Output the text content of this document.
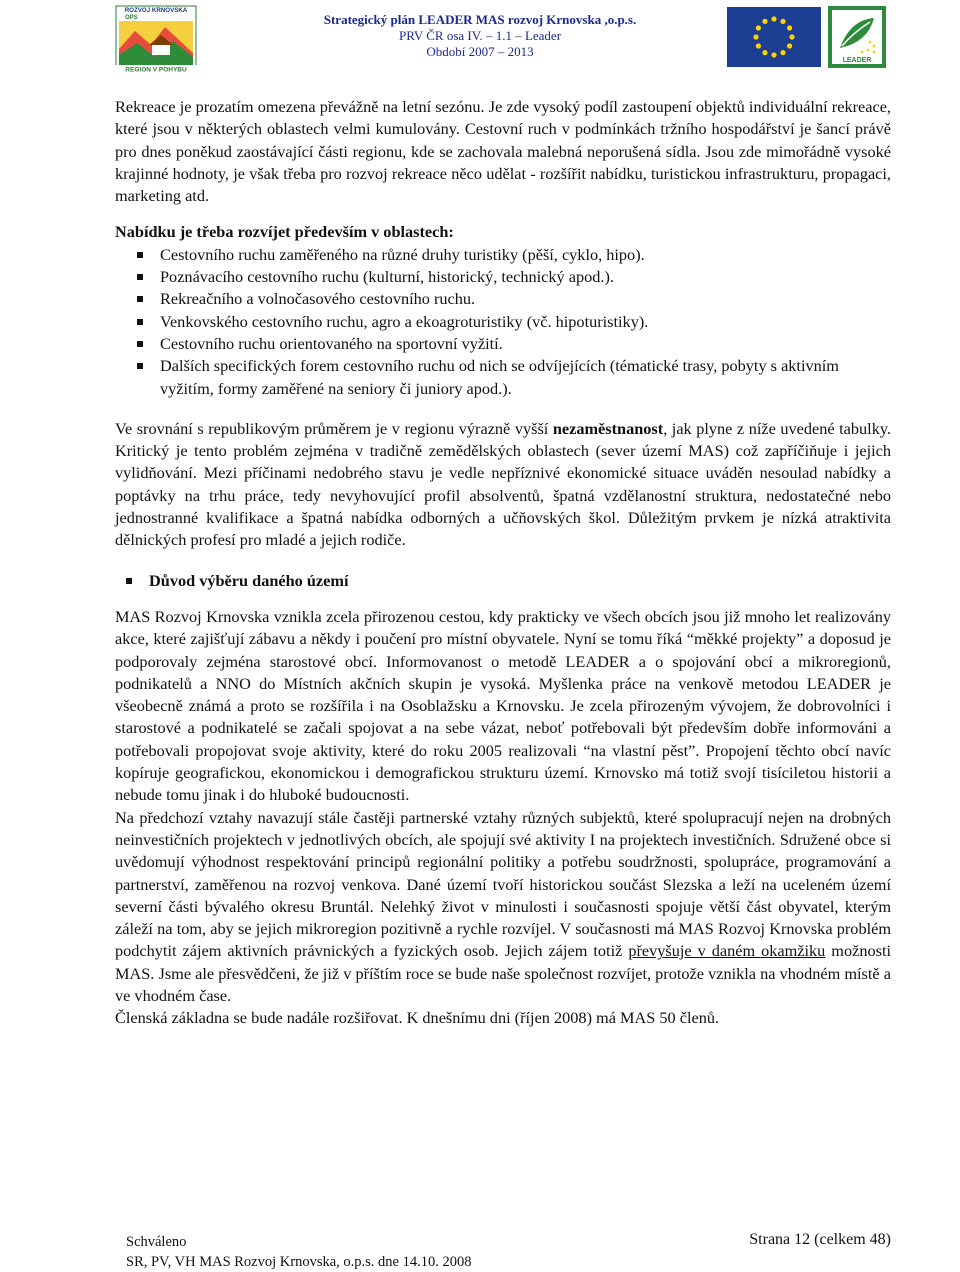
ROZVOJ KRNOVSKA
OPS
REGION V POHYBU
Strategický plán LEADER MAS rozvoj Krnovska ,o.p.s.
PRV ČR osa IV. – 1.1 – Leader
Období 2007 – 2013
LEADER

Rekreace je prozatím omezena převážně na letní sezónu. Je zde vysoký podíl zastoupení objektů individuální rekreace, které jsou v některých oblastech velmi kumulovány. Cestovní ruch v podmínkách tržního hospodářství je šancí právě pro dnes poněkud zaostávající části regionu, kde se zachovala malebná neporušená sídla. Jsou zde mimořádně vysoké krajinné hodnoty, je však třeba pro rozvoj rekreace něco udělat - rozšířit nabídku, turistickou infrastrukturu, propagaci, marketing atd.

Nabídku je třeba rozvíjet především v oblastech:

Cestovního ruchu zaměřeného na různé druhy turistiky (pěší, cyklo, hipo).
Poznávacího cestovního ruchu (kulturní, historický, technický apod.).
Rekreačního a volnočasového cestovního ruchu.
Venkovského cestovního ruchu, agro a ekoagroturistiky (vč. hipoturistiky).
Cestovního ruchu orientovaného na sportovní vyžití.
Dalších specifických forem cestovního ruchu od nich se odvíjejících (tématické trasy, pobyty s aktivním vyžitím, formy zaměřené na seniory či juniory apod.).

Ve srovnání s republikovým průměrem je v regionu výrazně vyšší nezaměstnanost, jak plyne z níže uvedené tabulky. Kritický je tento problém zejména v tradičně zemědělských oblastech (sever území MAS) což zapříčiňuje i jejich vylidňování. Mezi příčinami nedobrého stavu je vedle nepříznivé ekonomické situace uváděn nesoulad nabídky a poptávky na trhu práce, tedy nevyhovující profil absolventů, špatná vzdělanostní struktura, nedostatečné nebo jednostranné kvalifikace a špatná nabídka odborných a učňovských škol. Důležitým prvkem je nízká atraktivita dělnických profesí pro mladé a jejich rodiče.

Důvod výběru daného území

MAS Rozvoj Krnovska vznikla zcela přirozenou cestou, kdy prakticky ve všech obcích jsou již mnoho let realizovány akce, které zajišťují zábavu a někdy i poučení pro místní obyvatele. Nyní se tomu říká “měkké projekty” a doposud je podporovaly zejména starostové obcí. Informovanost o metodě LEADER a o spojování obcí a mikroregionů, podnikatelů a NNO do Místních akčních skupin je vysoká. Myšlenka práce na venkově metodou LEADER je všeobecně známá a proto se rozšířila i na Osoblažsku a Krnovsku. Je zcela přirozeným vývojem, že dobrovolníci i starostové a podnikatelé se začali spojovat a na sebe vázat, neboť potřebovali být především dobře informováni a potřebovali propojovat svoje aktivity, které do roku 2005 realizovali “na vlastní pěst”. Propojení těchto obcí navíc kopíruje geografickou, ekonomickou i demografickou strukturu území. Krnovsko má totiž svojí tisíciletou historii a nebude tomu jinak i do hluboké budoucnosti.

Na předchozí vztahy navazují stále častěji partnerské vztahy různých subjektů, které spolupracují nejen na drobných neinvestičních projektech v jednotlivých obcích, ale spojují své aktivity I na projektech investičních. Sdružené obce si uvědomují výhodnost respektování principů regionální politiky a potřebu soudržnosti, spolupráce, programování a partnerství, zaměřenou na rozvoj venkova. Dané území tvoří historickou součást Slezska a leží na uceleném území severní části bývalého okresu Bruntál. Nelehký život v minulosti i současnosti spojuje větší část obyvatel, kterým záleží na tom, aby se jejich mikroregion pozitivně a rychle rozvíjel. V současnosti má MAS Rozvoj Krnovska problém podchytit zájem aktivních právnických a fyzických osob. Jejich zájem totiž převyšuje v daném okamžiku možnosti MAS. Jsme ale přesvědčeni, že již v příštím roce se bude naše společnost rozvíjet, protože vznikla na vhodném místě a ve vhodném čase.

Členská základna se bude nadále rozšiřovat. K dnešnímu dni (říjen 2008) má MAS 50 členů.

Schváleno
SR, PV, VH MAS Rozvoj Krnovska, o.p.s. dne 14.10. 2008
Strana 12 (celkem 48)
